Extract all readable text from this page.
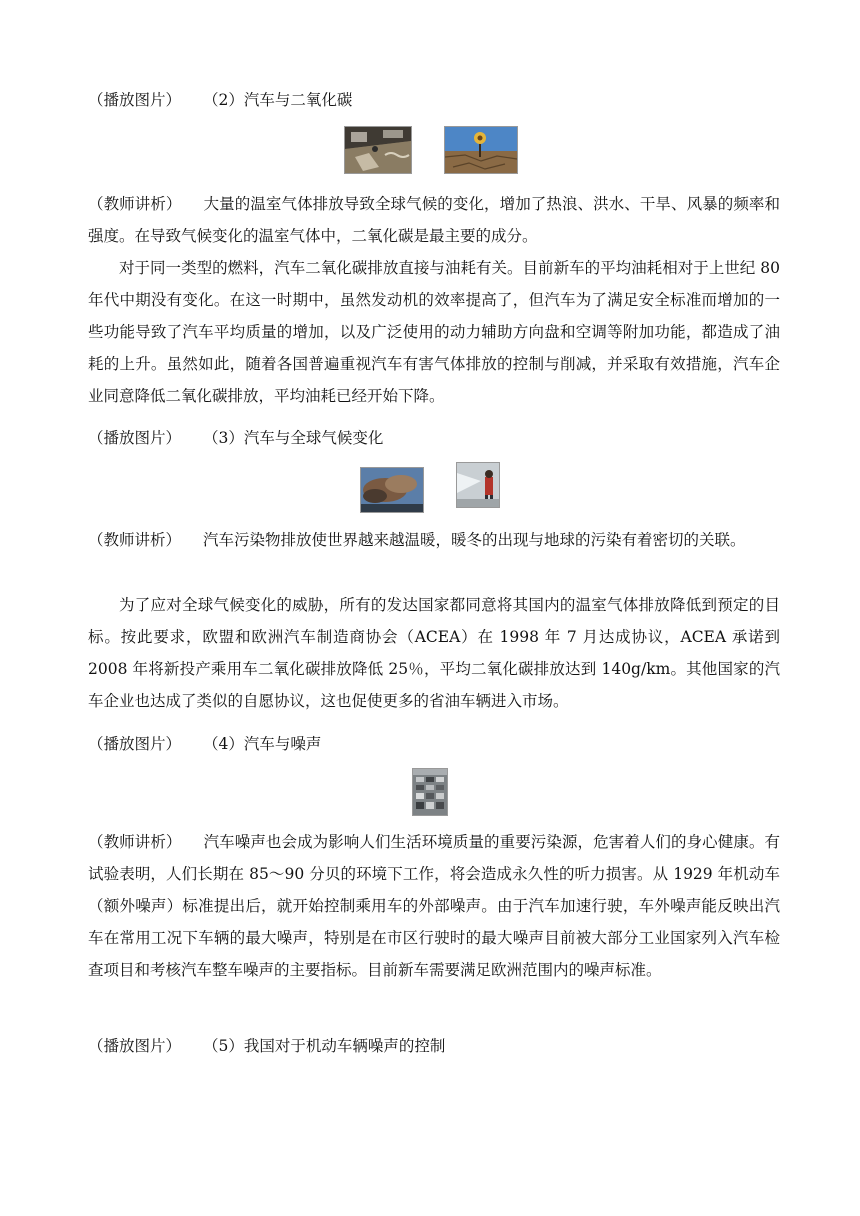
（播放图片） （2）汽车与二氧化碳

（教师讲析） 大量的温室气体排放导致全球气候的变化，增加了热浪、洪水、干旱、风暴的频率和强度。在导致气候变化的温室气体中，二氧化碳是最主要的成分。

对于同一类型的燃料，汽车二氧化碳排放直接与油耗有关。目前新车的平均油耗相对于上世纪 80 年代中期没有变化。在这一时期中，虽然发动机的效率提高了，但汽车为了满足安全标准而增加的一些功能导致了汽车平均质量的增加，以及广泛使用的动力辅助方向盘和空调等附加功能，都造成了油耗的上升。虽然如此，随着各国普遍重视汽车有害气体排放的控制与削减，并采取有效措施，汽车企业同意降低二氧化碳排放，平均油耗已经开始下降。

（播放图片） （3）汽车与全球气候变化

（教师讲析） 汽车污染物排放使世界越来越温暖，暖冬的出现与地球的污染有着密切的关联。

为了应对全球气候变化的威胁，所有的发达国家都同意将其国内的温室气体排放降低到预定的目标。按此要求，欧盟和欧洲汽车制造商协会（ACEA）在 1998 年 7 月达成协议，ACEA 承诺到 2008 年将新投产乘用车二氧化碳排放降低 25％，平均二氧化碳排放达到 140g/km。其他国家的汽车企业也达成了类似的自愿协议，这也促使更多的省油车辆进入市场。

（播放图片） （4）汽车与噪声

（教师讲析） 汽车噪声也会成为影响人们生活环境质量的重要污染源，危害着人们的身心健康。有试验表明，人们长期在 85～90 分贝的环境下工作，将会造成永久性的听力损害。从 1929 年机动车（额外噪声）标准提出后，就开始控制乘用车的外部噪声。由于汽车加速行驶，车外噪声能反映出汽车在常用工况下车辆的最大噪声，特别是在市区行驶时的最大噪声目前被大部分工业国家列入汽车检查项目和考核汽车整车噪声的主要指标。目前新车需要满足欧洲范围内的噪声标准。

（播放图片） （5）我国对于机动车辆噪声的控制
